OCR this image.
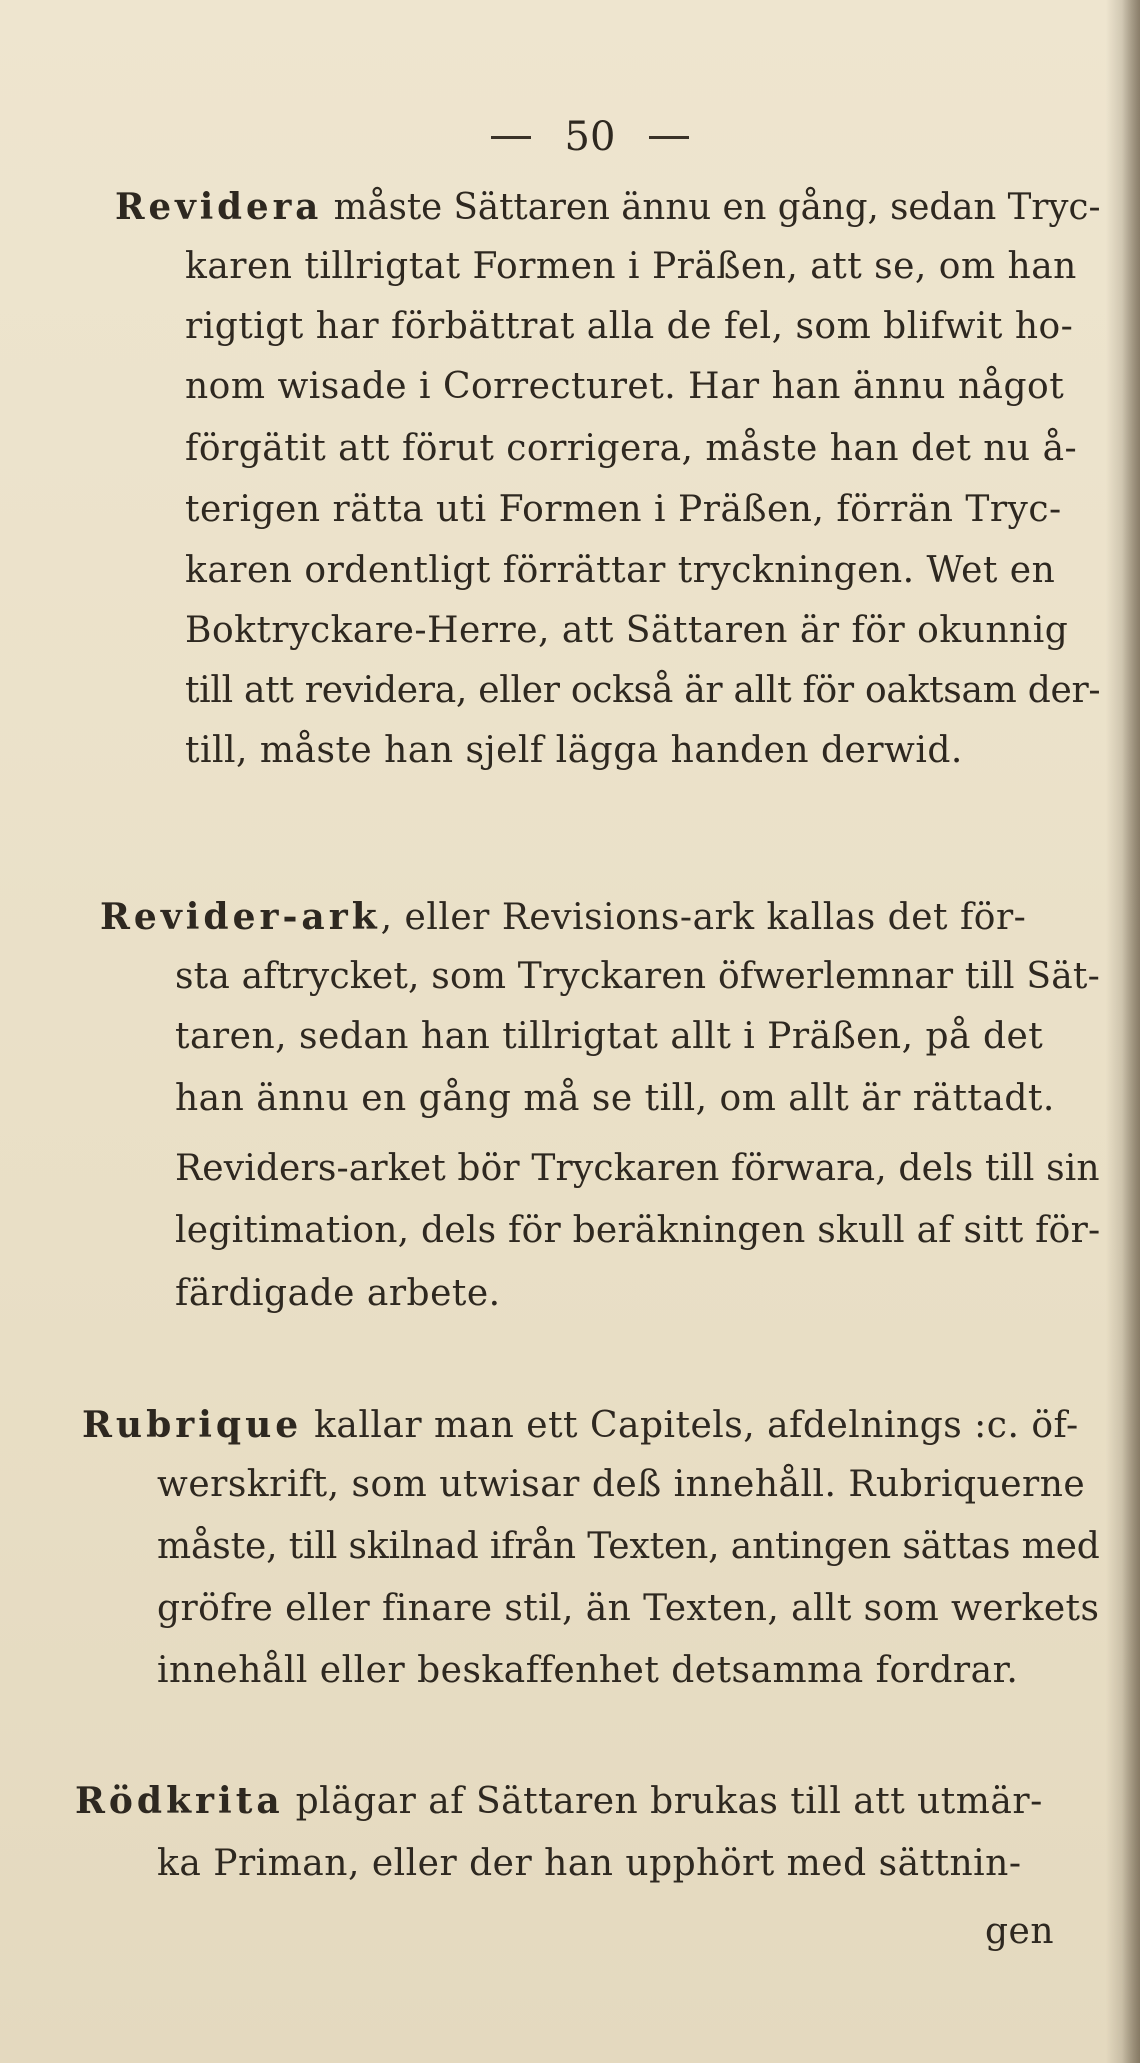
50
Revidera måste Sättaren ännu en gång, sedan Tryc-
karen tillrigtat Formen i Präßen, att se, om han
rigtigt har förbättrat alla de fel, som blifwit ho-
nom wisade i Correcturet. Har han ännu något
förgätit att förut corrigera, måste han det nu å-
terigen rätta uti Formen i Präßen, förrän Tryc-
karen ordentligt förrättar tryckningen. Wet en
Boktryckare-Herre, att Sättaren är för okunnig
till att revidera, eller också är allt för oaktsam der-
till, måste han sjelf lägga handen derwid.
Revider-ark, eller Revisions-ark kallas det för-
sta aftrycket, som Tryckaren öfwerlemnar till Sät-
taren, sedan han tillrigtat allt i Präßen, på det
han ännu en gång må se till, om allt är rättadt.
Reviders-arket bör Tryckaren förwara, dels till sin
legitimation, dels för beräkningen skull af sitt för-
färdigade arbete.
Rubrique kallar man ett Capitels, afdelnings :c. öf-
werskrift, som utwisar deß innehåll. Rubriquerne
måste, till skilnad ifrån Texten, antingen sättas med
gröfre eller finare stil, än Texten, allt som werkets
innehåll eller beskaffenhet detsamma fordrar.
Rödkrita plägar af Sättaren brukas till att utmär-
ka Priman, eller der han upphört med sättnin-
gen
